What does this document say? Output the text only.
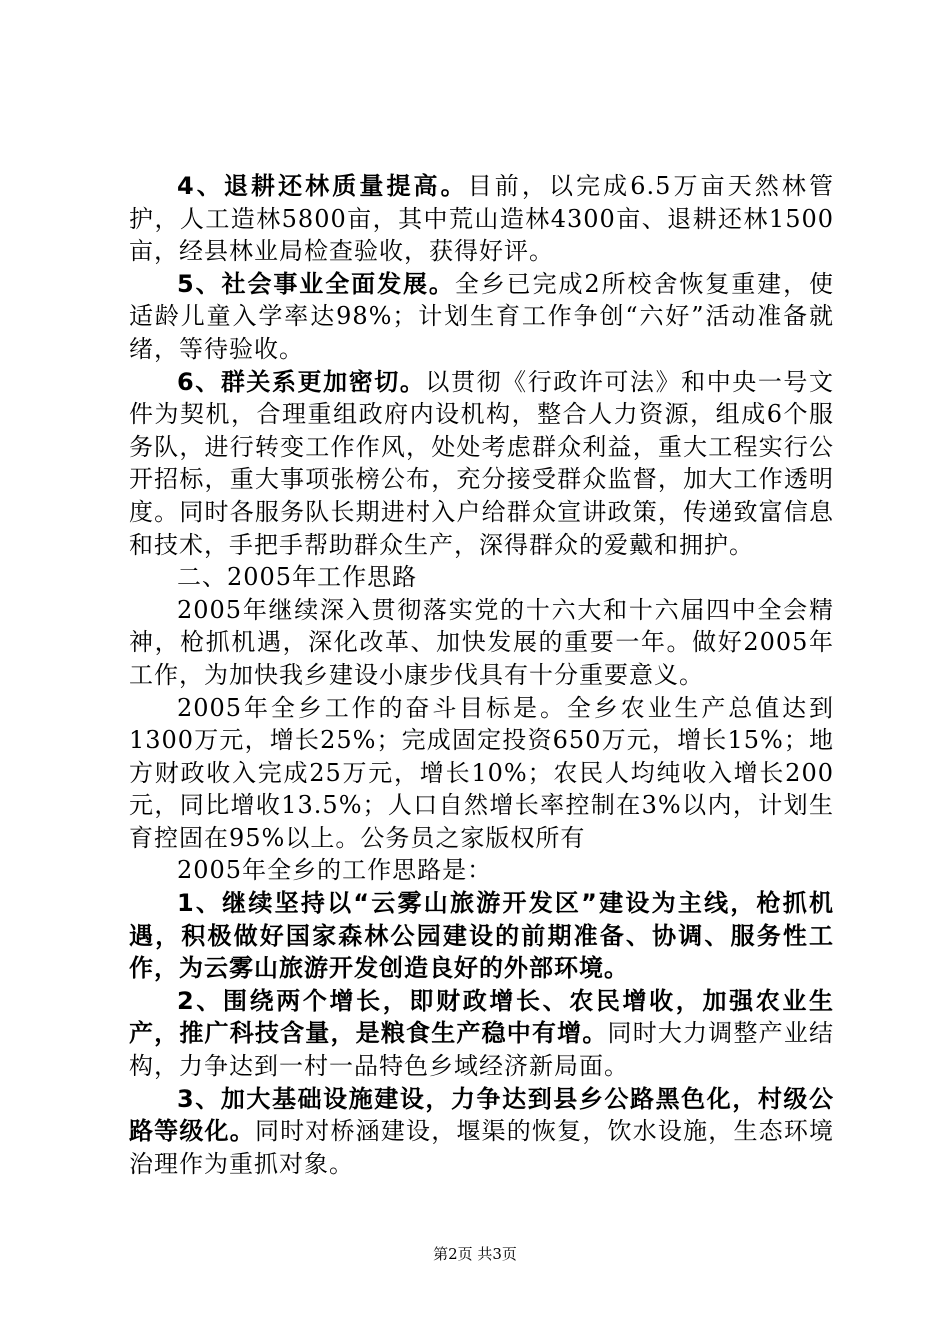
4、退耕还林质量提高。目前，以完成6.5万亩天然林管护，人工造林5800亩，其中荒山造林4300亩、退耕还林1500亩，经县林业局检查验收，获得好评。

5、社会事业全面发展。全乡已完成2所校舍恢复重建，使适龄儿童入学率达98%；计划生育工作争创“六好”活动准备就绪，等待验收。

6、群关系更加密切。以贯彻《行政许可法》和中央一号文件为契机，合理重组政府内设机构，整合人力资源，组成6个服务队，进行转变工作作风，处处考虑群众利益，重大工程实行公开招标，重大事项张榜公布，充分接受群众监督，加大工作透明度。同时各服务队长期进村入户给群众宣讲政策，传递致富信息和技术，手把手帮助群众生产，深得群众的爱戴和拥护。

二、2005年工作思路

2005年继续深入贯彻落实党的十六大和十六届四中全会精神，枪抓机遇，深化改革、加快发展的重要一年。做好2005年工作，为加快我乡建设小康步伐具有十分重要意义。

2005年全乡工作的奋斗目标是。全乡农业生产总值达到1300万元，增长25%；完成固定投资650万元，增长15%；地方财政收入完成25万元，增长10%；农民人均纯收入增长200元，同比增收13.5%；人口自然增长率控制在3%以内，计划生育控固在95%以上。公务员之家版权所有

2005年全乡的工作思路是：

1、继续坚持以“云雾山旅游开发区”建设为主线，枪抓机遇，积极做好国家森林公园建设的前期准备、协调、服务性工作，为云雾山旅游开发创造良好的外部环境。

2、围绕两个增长，即财政增长、农民增收，加强农业生产，推广科技含量，是粮食生产稳中有增。同时大力调整产业结构，力争达到一村一品特色乡域经济新局面。

3、加大基础设施建设，力争达到县乡公路黑色化，村级公路等级化。同时对桥涵建设，堰渠的恢复，饮水设施，生态环境治理作为重抓对象。

第2页 共3页
